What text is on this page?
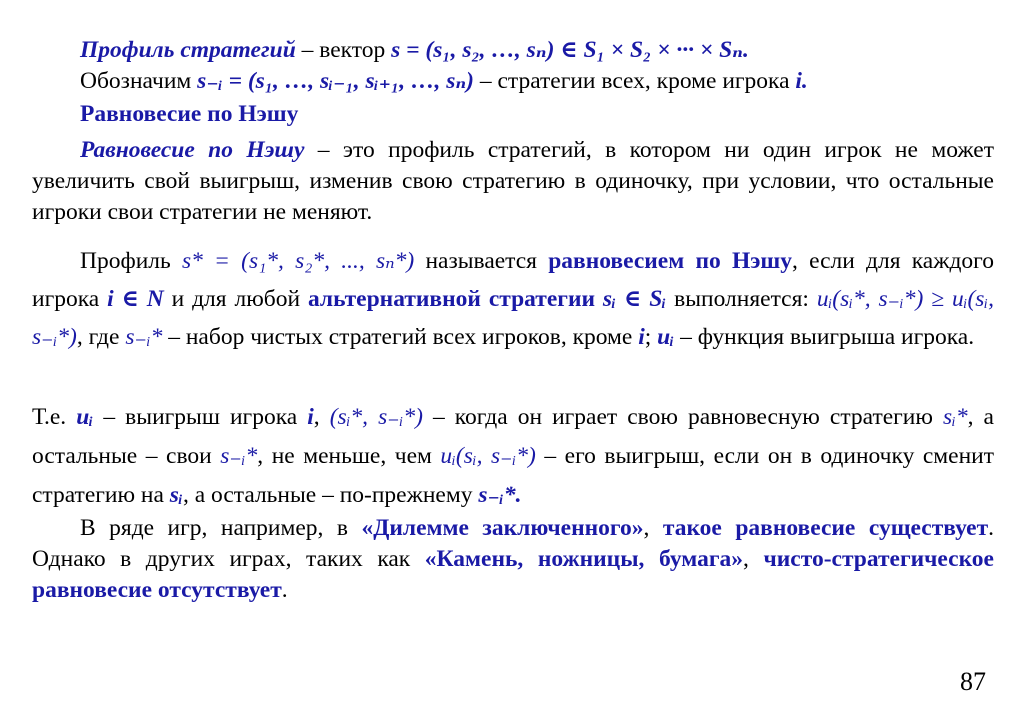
Профиль стратегий – вектор s = (s₁, s₂, …, sₙ) ∈ S₁ × S₂ × ··· × Sₙ.
Обозначим s₋ᵢ = (s₁, …, sᵢ₋₁, sᵢ₊₁, …, sₙ) – стратегии всех, кроме игрока i.
Равновесие по Нэшу
Равновесие по Нэшу – это профиль стратегий, в котором ни один игрок не может увеличить свой выигрыш, изменив свою стратегию в одиночку, при условии, что остальные игроки свои стратегии не меняют.
Профиль s* = (s₁*, s₂*, ..., sₙ*) называется равновесием по Нэшу, если для каждого игрока i ∈ N и для любой альтернативной стратегии sᵢ ∈ Sᵢ выполняется: uᵢ(sᵢ*, s₋ᵢ*) ≥ uᵢ(sᵢ, s₋ᵢ*), где s₋ᵢ* – набор чистых стратегий всех игроков, кроме i; uᵢ – функция выигрыша игрока.
Т.е. uᵢ – выигрыш игрока i, (sᵢ*, s₋ᵢ*) – когда он играет свою равновесную стратегию sᵢ*, а остальные – свои s₋ᵢ*, не меньше, чем uᵢ(sᵢ, s₋ᵢ*) – его выигрыш, если он в одиночку сменит стратегию на sᵢ, а остальные – по-прежнему s₋ᵢ*.
В ряде игр, например, в «Дилемме заключенного», такое равновесие существует. Однако в других играх, таких как «Камень, ножницы, бумага», чисто-стратегическое равновесие отсутствует.
87
